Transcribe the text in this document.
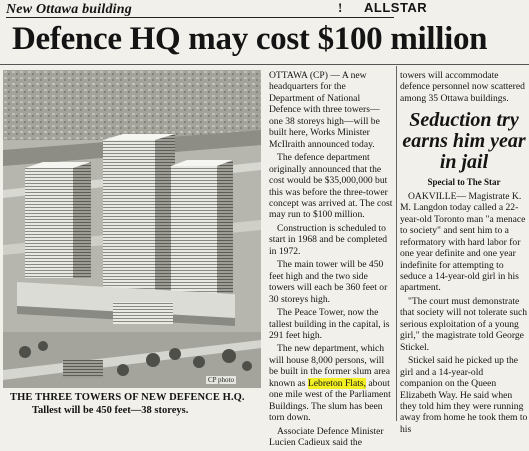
New Ottawa building	! ALLSTAR
Defence HQ may cost $100 million
CP photo
THE THREE TOWERS OF NEW DEFENCE H.Q.
Tallest will be 450 feet—38 storeys.

OTTAWA (CP) — A new headquarters for the Department of National Defence with three towers—one 38 storeys high—will be built here, Works Minister McIlraith announced today.

The defence department originally announced that the cost would be $35,000,000 but this was before the three-tower concept was arrived at. The cost may run to $100 million.

Construction is scheduled to start in 1968 and be completed in 1972.

The main tower will be 450 feet high and the two side towers will each be 360 feet or 30 storeys high.

The Peace Tower, now the tallest building in the capital, is 291 feet high.

The new department, which will house 8,000 persons, will be built in the former slum area known as Lebreton Flats, about one mile west of the Parliament Buildings. The slum has been torn down.

Associate Defence Minister Lucien Cadieux said the

towers will accommodate defence personnel now scattered among 35 Ottawa buildings.

Seduction try earns him year in jail

Special to The Star

OAKVILLE— Magistrate K. M. Langdon today called a 22-year-old Toronto man "a menace to society" and sent him to a reformatory with hard labor for one year definite and one year indefinite for attempting to seduce a 14-year-old girl in his apartment.

"The court must demonstrate that society will not tolerate such serious exploitation of a young girl," the magistrate told George Stickel.

Stickel said he picked up the girl and a 14-year-old companion on the Queen Elizabeth Way. He said when they told him they were running away from home he took them to his
